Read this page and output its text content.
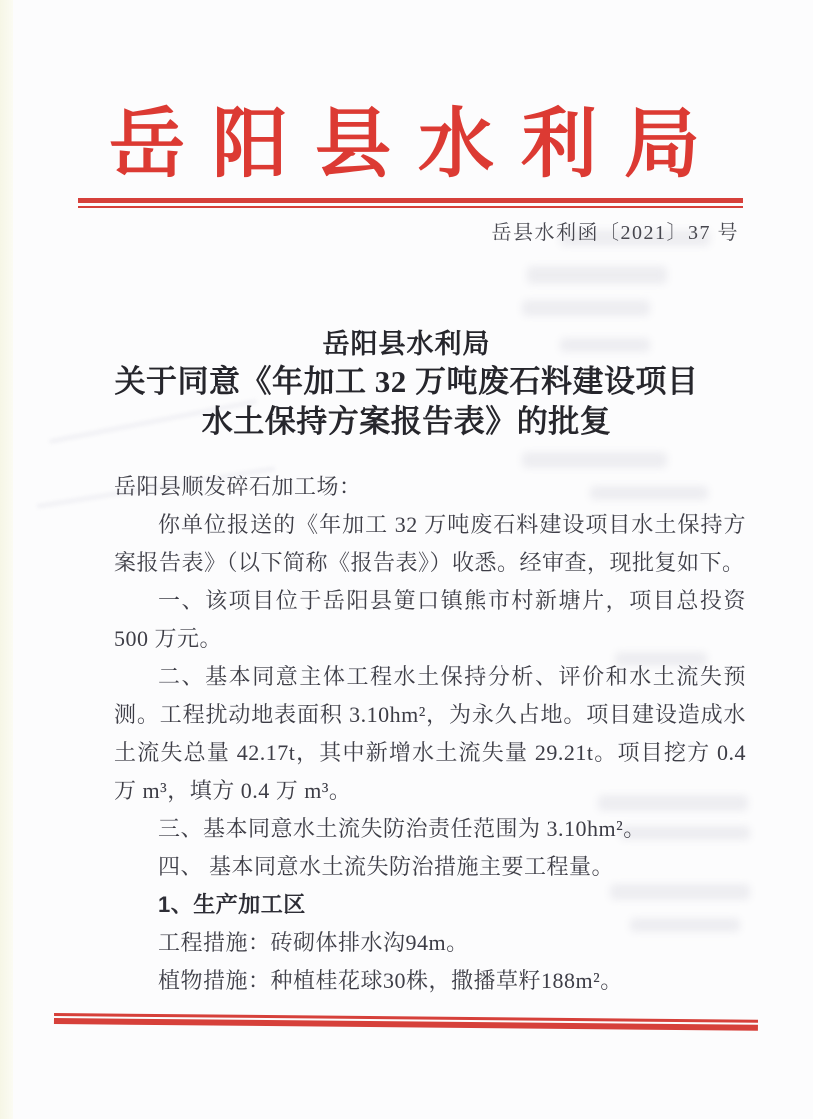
岳 阳 县 水 利 局
岳县水利函〔2021〕37 号
岳阳县水利局
关于同意《年加工 32 万吨废石料建设项目
水土保持方案报告表》的批复

岳阳县顺发碎石加工场：

你单位报送的《年加工 32 万吨废石料建设项目水土保持方案报告表》（以下简称《报告表》）收悉。经审查，现批复如下。

一、该项目位于岳阳县筻口镇熊市村新塘片，项目总投资 500 万元。

二、基本同意主体工程水土保持分析、评价和水土流失预测。工程扰动地表面积 3.10hm²，为永久占地。项目建设造成水土流失总量 42.17t，其中新增水土流失量 29.21t。项目挖方 0.4 万 m³，填方 0.4 万 m³。

三、基本同意水土流失防治责任范围为 3.10hm²。

四、 基本同意水土流失防治措施主要工程量。

1、生产加工区

工程措施：砖砌体排水沟94m。

植物措施：种植桂花球30株，撒播草籽188m²。
